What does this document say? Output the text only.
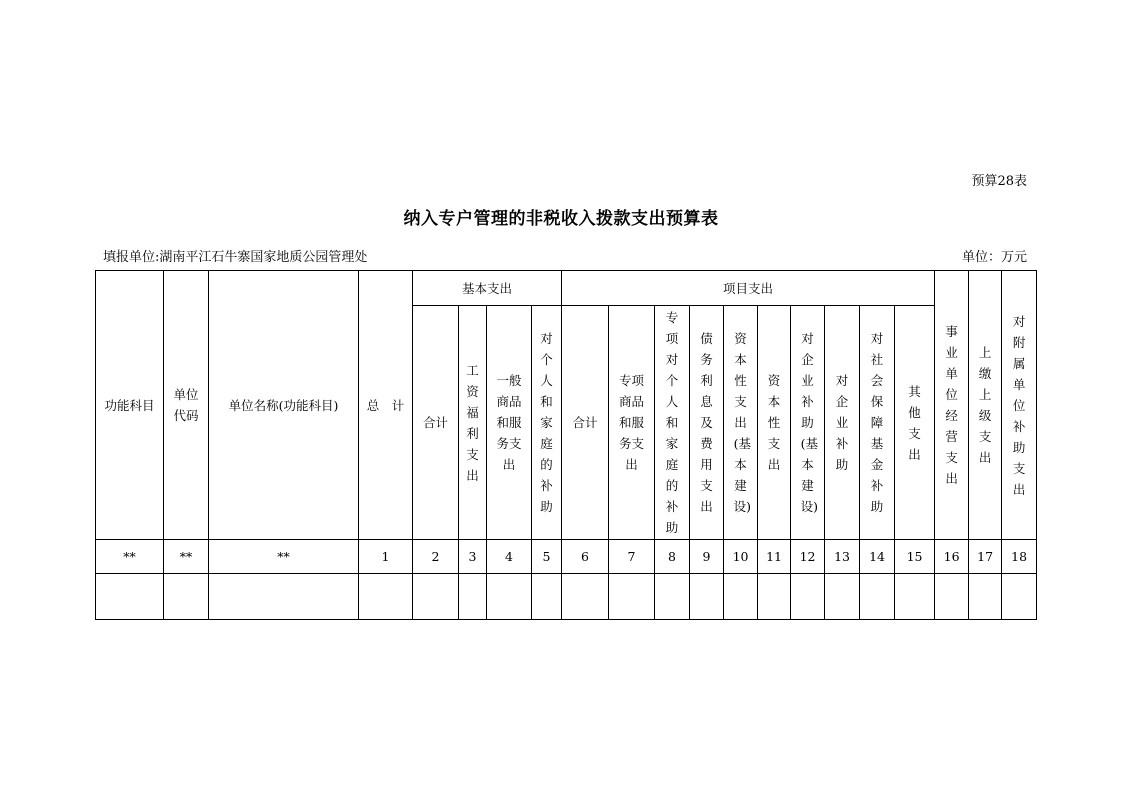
预算28表
纳入专户管理的非税收入拨款支出预算表
填报单位:湖南平江石牛寨国家地质公园管理处	单位：万元
功能科目	单位代码	单位名称(功能科目)	总　计	基本支出				项目支出										事业单位经营支出	上缴上级支出	对附属单位补助支出

				合计	工资福利支出	一般商品和服务支出	对个人和家庭的补助	合计	专项商品和服务支出	专项对个人和家庭的补助	债务利息及费用支出	资本性支出(基本建设)	资本性支出	对企业补助(基本建设)	对企业补助	对社会保障基金补助	其他支出			

**	**	**	1	2	3	4	5	6	7	8	9	10	11	12	13	14	15	16	17	18
